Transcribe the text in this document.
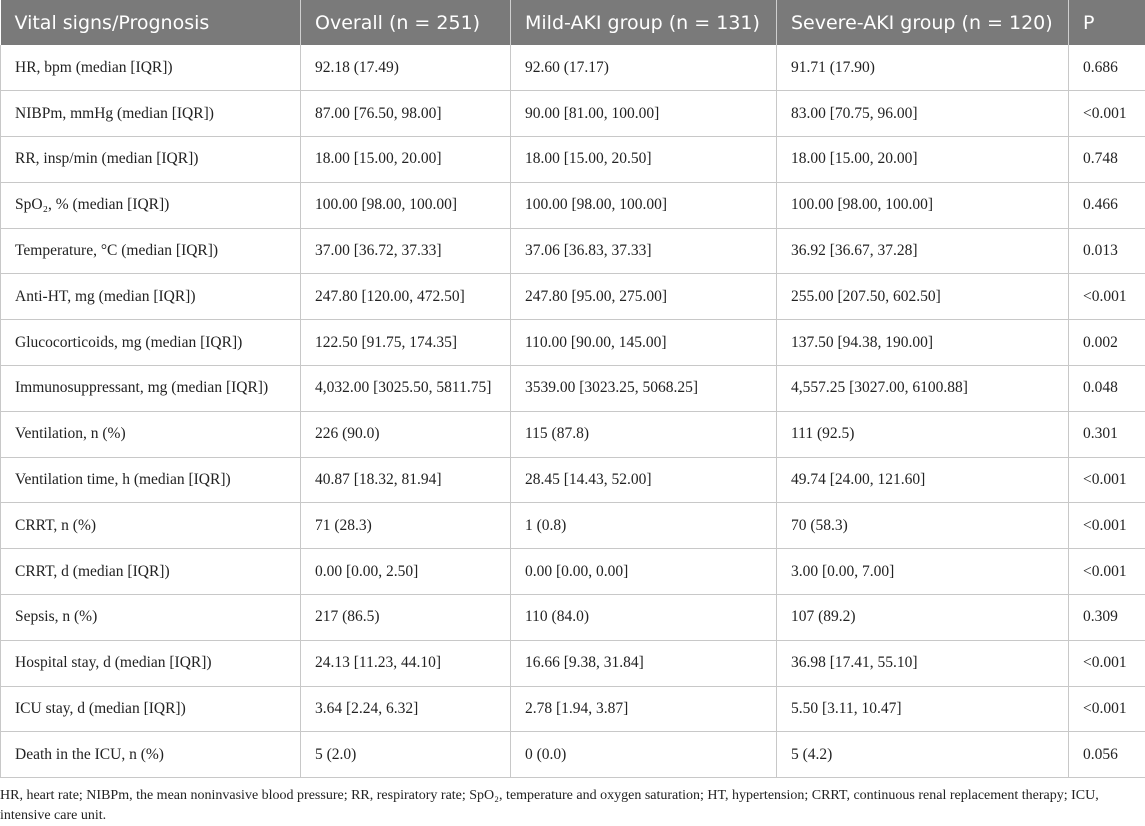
Vital signs/Prognosis	Overall (n = 251)	Mild-AKI group (n = 131)	Severe-AKI group (n = 120)	P
HR, bpm (median [IQR])	92.18 (17.49)	92.60 (17.17)	91.71 (17.90)	0.686
NIBPm, mmHg (median [IQR])	87.00 [76.50, 98.00]	90.00 [81.00, 100.00]	83.00 [70.75, 96.00]	<0.001
RR, insp/min (median [IQR])	18.00 [15.00, 20.00]	18.00 [15.00, 20.50]	18.00 [15.00, 20.00]	0.748
SpO₂, % (median [IQR])	100.00 [98.00, 100.00]	100.00 [98.00, 100.00]	100.00 [98.00, 100.00]	0.466
Temperature, °C (median [IQR])	37.00 [36.72, 37.33]	37.06 [36.83, 37.33]	36.92 [36.67, 37.28]	0.013
Anti-HT, mg (median [IQR])	247.80 [120.00, 472.50]	247.80 [95.00, 275.00]	255.00 [207.50, 602.50]	<0.001
Glucocorticoids, mg (median [IQR])	122.50 [91.75, 174.35]	110.00 [90.00, 145.00]	137.50 [94.38, 190.00]	0.002
Immunosuppressant, mg (median [IQR])	4,032.00 [3025.50, 5811.75]	3539.00 [3023.25, 5068.25]	4,557.25 [3027.00, 6100.88]	0.048
Ventilation, n (%)	226 (90.0)	115 (87.8)	111 (92.5)	0.301
Ventilation time, h (median [IQR])	40.87 [18.32, 81.94]	28.45 [14.43, 52.00]	49.74 [24.00, 121.60]	<0.001
CRRT, n (%)	71 (28.3)	1 (0.8)	70 (58.3)	<0.001
CRRT, d (median [IQR])	0.00 [0.00, 2.50]	0.00 [0.00, 0.00]	3.00 [0.00, 7.00]	<0.001
Sepsis, n (%)	217 (86.5)	110 (84.0)	107 (89.2)	0.309
Hospital stay, d (median [IQR])	24.13 [11.23, 44.10]	16.66 [9.38, 31.84]	36.98 [17.41, 55.10]	<0.001
ICU stay, d (median [IQR])	3.64 [2.24, 6.32]	2.78 [1.94, 3.87]	5.50 [3.11, 10.47]	<0.001
Death in the ICU, n (%)	5 (2.0)	0 (0.0)	5 (4.2)	0.056
HR, heart rate; NIBPm, the mean noninvasive blood pressure; RR, respiratory rate; SpO₂, temperature and oxygen saturation; HT, hypertension; CRRT, continuous renal replacement therapy; ICU, intensive care unit.
